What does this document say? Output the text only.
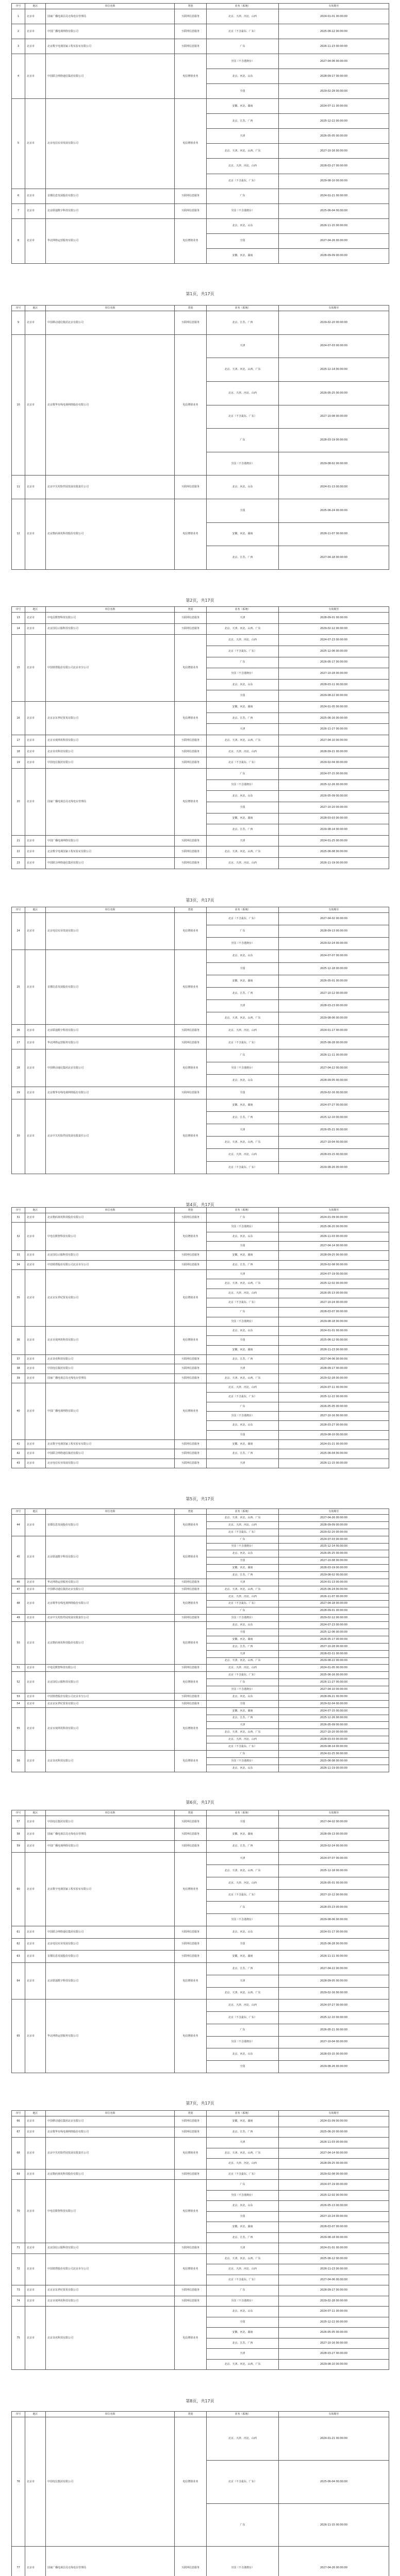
序号	地区	单位名称	类别	业务（系统）	有效期至
1	北京市	国家广播电视总局无线电台管理局	互联网信息服务	北京、天津、河北、山西	2024-01-01 00:00:00
2	北京市	中国广播电视网络有限公司	互联网信息服务	北京（不含最东、广东）	2025-06-12 00:00:00
3	北京市	北京数字电视国家工程实验室有限公司	互联网信息服务	广东	2026-11-23 00:00:00
4	北京市	中国联合网络通信集团有限公司	电信增值业务	全国（不含港澳台）	2027-04-06 00:00:00
				北京、河北、山东	2028-09-17 00:00:00
				全国	2029-02-28 00:00:00
5	北京市	北京电信实业发展有限公司	电信增值业务	安徽、河北、湖南	2024-07-11 00:00:00
				北京、江苏、广西	2025-12-22 00:00:00
				天津	2026-05-05 00:00:00
				北京、天津、河北、山西、广东	2027-10-16 00:00:00
				北京、天津、河北、山西	2028-03-27 00:00:00
				北京（不含最东、广东）	2029-08-10 00:00:00
6	北京市	首都信息发展股份有限公司	互联网信息服务	广东	2024-01-21 00:00:00
7	北京市	北京联通数字科技有限公司	互联网信息服务	全国（不含港澳台）	2025-06-04 00:00:00
8	北京市	华北网络运营服务有限公司	电信增值业务	北京、河北、山东	2026-11-15 00:00:00
				全国	2027-04-26 00:00:00
				安徽、河北、湖南	2028-09-09 00:00:00
第1页，共17页
序号	地区	单位名称	类别	业务（系统）	有效期至
9	北京市	中国移动通信集团北京有限公司	互联网信息服务	北京、江苏、广西	2029-02-20 00:00:00
10	北京市	北京歌华有线电视网络股份有限公司	电信增值业务	天津	2024-07-03 00:00:00
				北京、天津、河北、山西、广东	2025-12-14 00:00:00
				北京、天津、河北、山西	2026-05-25 00:00:00
				北京（不含最东、广东）	2027-10-08 00:00:00
				广东	2028-03-19 00:00:00
				全国（不含港澳台）	2029-08-02 00:00:00
11	北京市	北京中关村软件园发展有限责任公司	互联网信息服务	北京、河北、山东	2024-01-13 00:00:00
12	北京市	北京数码视讯科技股份有限公司	电信增值业务	全国	2025-06-24 00:00:00
				安徽、河北、湖南	2026-11-07 00:00:00
				北京、江苏、广西	2027-04-18 00:00:00
第2页，共17页
序号	地区	单位名称	类别	业务（系统）	有效期至
13	北京市	中电信数智科技有限公司	互联网信息服务	天津	2028-09-01 00:00:00
14	北京市	北京国信云服科技有限公司	互联网信息服务	北京、天津、河北、山西、广东	2029-02-12 00:00:00
15	北京市	中国铁塔股份有限公司北京市分公司	电信增值业务	北京、天津、河北、山西	2024-07-23 00:00:00
				北京（不含最东、广东）	2025-12-06 00:00:00
				广东	2026-05-17 00:00:00
				全国（不含港澳台）	2027-10-28 00:00:00
				北京、河北、山东	2028-03-11 00:00:00
				全国	2029-08-22 00:00:00
16	北京市	北京京东世纪贸易有限公司	电信增值业务	安徽、河北、湖南	2024-01-05 00:00:00
				北京、江苏、广西	2025-06-16 00:00:00
				天津	2026-11-27 00:00:00
17	北京市	北京百度网讯科技有限公司	互联网信息服务	北京、天津、河北、山西、广东	2027-04-10 00:00:00
18	北京市	北京奇虎科技有限公司	互联网信息服务	北京、天津、河北、山西	2028-09-21 00:00:00
19	北京市	中国电信集团有限公司	互联网信息服务	北京（不含最东、广东）	2029-02-04 00:00:00
20	北京市	国家广播电视总局无线电台管理局	电信增值业务	广东	2024-07-15 00:00:00
				全国（不含港澳台）	2025-12-26 00:00:00
				北京、河北、山东	2026-05-09 00:00:00
				全国	2027-10-20 00:00:00
				安徽、河北、湖南	2028-03-03 00:00:00
				北京、江苏、广西	2029-08-14 00:00:00
21	北京市	中国广播电视网络有限公司	互联网信息服务	天津	2024-01-25 00:00:00
22	北京市	北京数字电视国家工程实验室有限公司	互联网信息服务	北京、天津、河北、山西、广东	2025-06-08 00:00:00
23	北京市	中国联合网络通信集团有限公司	互联网信息服务	北京、天津、河北、山西	2026-11-19 00:00:00
第3页，共17页
序号	地区	单位名称	类别	业务（系统）	有效期至
24	北京市	北京电信实业发展有限公司	电信增值业务	北京（不含最东、广东）	2027-04-02 00:00:00
				广东	2028-09-13 00:00:00
				全国（不含港澳台）	2029-02-24 00:00:00
25	北京市	首都信息发展股份有限公司	电信增值业务	北京、河北、山东	2024-07-07 00:00:00
				全国	2025-12-18 00:00:00
				安徽、河北、湖南	2026-05-01 00:00:00
				北京、江苏、广西	2027-10-12 00:00:00
				天津	2028-03-23 00:00:00
				北京、天津、河北、山西、广东	2029-08-06 00:00:00
26	北京市	北京联通数字科技有限公司	互联网信息服务	北京、天津、河北、山西	2024-01-17 00:00:00
27	北京市	华北网络运营服务有限公司	互联网信息服务	北京（不含最东、广东）	2025-06-28 00:00:00
28	北京市	中国移动通信集团北京有限公司	电信增值业务	广东	2026-11-11 00:00:00
				全国（不含港澳台）	2027-04-22 00:00:00
				北京、河北、山东	2028-09-05 00:00:00
29	北京市	北京歌华有线电视网络股份有限公司	互联网信息服务	全国	2029-02-16 00:00:00
30	北京市	北京中关村软件园发展有限责任公司	电信增值业务	安徽、河北、湖南	2024-07-27 00:00:00
				北京、江苏、广西	2025-12-10 00:00:00
				天津	2026-05-21 00:00:00
				北京、天津、河北、山西、广东	2027-10-04 00:00:00
				北京、天津、河北、山西	2028-03-15 00:00:00
				北京（不含最东、广东）	2029-08-26 00:00:00
第4页，共17页
序号	地区	单位名称	类别	业务（系统）	有效期至
31	北京市	北京数码视讯科技股份有限公司	互联网信息服务	广东	2024-01-09 00:00:00
32	北京市	中电信数智科技有限公司	电信增值业务	全国（不含港澳台）	2025-06-20 00:00:00
				北京、河北、山东	2026-11-03 00:00:00
				全国	2027-04-14 00:00:00
33	北京市	北京国信云服科技有限公司	互联网信息服务	安徽、河北、湖南	2028-09-25 00:00:00
34	北京市	中国铁塔股份有限公司北京市分公司	互联网信息服务	北京、江苏、广西	2029-02-08 00:00:00
35	北京市	北京京东世纪贸易有限公司	电信增值业务	天津	2024-07-19 00:00:00
				北京、天津、河北、山西、广东	2025-12-02 00:00:00
				北京、天津、河北、山西	2026-05-13 00:00:00
				北京（不含最东、广东）	2027-10-24 00:00:00
				广东	2028-03-07 00:00:00
				全国（不含港澳台）	2029-08-18 00:00:00
36	北京市	北京百度网讯科技有限公司	电信增值业务	北京、河北、山东	2024-01-01 00:00:00
				全国	2025-06-12 00:00:00
				安徽、河北、湖南	2026-11-23 00:00:00
37	北京市	北京奇虎科技有限公司	互联网信息服务	北京、江苏、广西	2027-04-06 00:00:00
38	北京市	中国电信集团有限公司	互联网信息服务	天津	2028-09-17 00:00:00
39	北京市	国家广播电视总局无线电台管理局	互联网信息服务	北京、天津、河北、山西、广东	2029-02-28 00:00:00
40	北京市	中国广播电视网络有限公司	电信增值业务	北京、天津、河北、山西	2024-07-11 00:00:00
				北京（不含最东、广东）	2025-12-22 00:00:00
				广东	2026-05-05 00:00:00
				全国（不含港澳台）	2027-10-16 00:00:00
				北京、河北、山东	2028-03-27 00:00:00
				全国	2029-08-10 00:00:00
41	北京市	北京数字电视国家工程实验室有限公司	互联网信息服务	安徽、河北、湖南	2024-01-21 00:00:00
42	北京市	中国联合网络通信集团有限公司	互联网信息服务	北京、江苏、广西	2025-06-04 00:00:00
43	北京市	北京电信实业发展有限公司	互联网信息服务	天津	2026-11-15 00:00:00
第5页，共17页
序号	地区	单位名称	类别	业务（系统）	有效期至
44	北京市	首都信息发展股份有限公司	电信增值业务	北京、天津、河北、山西、广东	2027-04-26 00:00:00
				北京、天津、河北、山西	2028-09-09 00:00:00
				北京（不含最东、广东）	2029-02-20 00:00:00
45	北京市	北京联通数字科技有限公司	电信增值业务	广东	2024-07-03 00:00:00
				全国（不含港澳台）	2025-12-14 00:00:00
				北京、河北、山东	2026-05-25 00:00:00
				全国	2027-10-08 00:00:00
				安徽、河北、湖南	2028-03-19 00:00:00
				北京、江苏、广西	2029-08-02 00:00:00
46	北京市	华北网络运营服务有限公司	互联网信息服务	天津	2024-01-13 00:00:00
47	北京市	中国移动通信集团北京有限公司	互联网信息服务	北京、天津、河北、山西、广东	2025-06-24 00:00:00
48	北京市	北京歌华有线电视网络股份有限公司	电信增值业务	北京、天津、河北、山西	2026-11-07 00:00:00
				北京（不含最东、广东）	2027-04-18 00:00:00
				广东	2028-09-01 00:00:00
49	北京市	北京中关村软件园发展有限责任公司	互联网信息服务	全国（不含港澳台）	2029-02-12 00:00:00
50	北京市	北京数码视讯科技股份有限公司	电信增值业务	北京、河北、山东	2024-07-23 00:00:00
				全国	2025-12-06 00:00:00
				安徽、河北、湖南	2026-05-17 00:00:00
				北京、江苏、广西	2027-10-28 00:00:00
				天津	2028-03-11 00:00:00
				北京、天津、河北、山西、广东	2029-08-22 00:00:00
51	北京市	中电信数智科技有限公司	互联网信息服务	北京、天津、河北、山西	2024-01-05 00:00:00
52	北京市	北京国信云服科技有限公司	电信增值业务	北京（不含最东、广东）	2025-06-16 00:00:00
				广东	2026-11-27 00:00:00
				全国（不含港澳台）	2027-04-10 00:00:00
53	北京市	中国铁塔股份有限公司北京市分公司	互联网信息服务	北京、河北、山东	2028-09-21 00:00:00
54	北京市	北京京东世纪贸易有限公司	互联网信息服务	全国	2029-02-04 00:00:00
55	北京市	北京百度网讯科技有限公司	电信增值业务	安徽、河北、湖南	2024-07-15 00:00:00
				北京、江苏、广西	2025-12-26 00:00:00
				天津	2026-05-09 00:00:00
				北京、天津、河北、山西、广东	2027-10-20 00:00:00
				北京、天津、河北、山西	2028-03-03 00:00:00
				北京（不含最东、广东）	2029-08-14 00:00:00
56	北京市	北京奇虎科技有限公司	电信增值业务	广东	2024-01-25 00:00:00
				全国（不含港澳台）	2025-06-08 00:00:00
				北京、河北、山东	2026-11-19 00:00:00
第6页，共17页
序号	地区	单位名称	类别	业务（系统）	有效期至
57	北京市	中国电信集团有限公司	互联网信息服务	全国	2027-04-02 00:00:00
58	北京市	国家广播电视总局无线电台管理局	互联网信息服务	安徽、河北、湖南	2028-09-13 00:00:00
59	北京市	中国广播电视网络有限公司	互联网信息服务	北京、江苏、广西	2029-02-24 00:00:00
60	北京市	北京数字电视国家工程实验室有限公司	电信增值业务	天津	2024-07-07 00:00:00
				北京、天津、河北、山西、广东	2025-12-18 00:00:00
				北京、天津、河北、山西	2026-05-01 00:00:00
				北京（不含最东、广东）	2027-10-12 00:00:00
				广东	2028-03-23 00:00:00
				全国（不含港澳台）	2029-08-06 00:00:00
61	北京市	中国联合网络通信集团有限公司	互联网信息服务	北京、河北、山东	2024-01-17 00:00:00
62	北京市	北京电信实业发展有限公司	互联网信息服务	全国	2025-06-28 00:00:00
63	北京市	首都信息发展股份有限公司	互联网信息服务	安徽、河北、湖南	2026-11-11 00:00:00
64	北京市	北京联通数字科技有限公司	电信增值业务	北京、江苏、广西	2027-04-22 00:00:00
				天津	2028-09-05 00:00:00
				北京、天津、河北、山西、广东	2029-02-16 00:00:00
65	北京市	华北网络运营服务有限公司	电信增值业务	北京、天津、河北、山西	2024-07-27 00:00:00
				北京（不含最东、广东）	2025-12-10 00:00:00
				广东	2026-05-21 00:00:00
				全国（不含港澳台）	2027-10-04 00:00:00
				北京、河北、山东	2028-03-15 00:00:00
				全国	2029-08-26 00:00:00
第7页，共17页
序号	地区	单位名称	类别	业务（系统）	有效期至
66	北京市	中国移动通信集团北京有限公司	互联网信息服务	安徽、河北、湖南	2024-01-09 00:00:00
67	北京市	北京歌华有线电视网络股份有限公司	互联网信息服务	北京、江苏、广西	2025-06-20 00:00:00
68	北京市	北京中关村软件园发展有限责任公司	电信增值业务	天津	2026-11-03 00:00:00
				北京、天津、河北、山西、广东	2027-04-14 00:00:00
				北京、天津、河北、山西	2028-09-25 00:00:00
69	北京市	北京数码视讯科技股份有限公司	互联网信息服务	北京（不含最东、广东）	2029-02-08 00:00:00
70	北京市	中电信数智科技有限公司	电信增值业务	广东	2024-07-19 00:00:00
				全国（不含港澳台）	2025-12-02 00:00:00
				北京、河北、山东	2026-05-13 00:00:00
				全国	2027-10-24 00:00:00
				安徽、河北、湖南	2028-03-07 00:00:00
				北京、江苏、广西	2029-08-18 00:00:00
71	北京市	北京国信云服科技有限公司	互联网信息服务	天津	2024-01-01 00:00:00
72	北京市	中国铁塔股份有限公司北京市分公司	电信增值业务	北京、天津、河北、山西、广东	2025-06-12 00:00:00
				北京、天津、河北、山西	2026-11-23 00:00:00
				北京（不含最东、广东）	2027-04-06 00:00:00
73	北京市	北京京东世纪贸易有限公司	互联网信息服务	广东	2028-09-17 00:00:00
74	北京市	北京百度网讯科技有限公司	互联网信息服务	全国（不含港澳台）	2029-02-28 00:00:00
75	北京市	北京奇虎科技有限公司	电信增值业务	北京、河北、山东	2024-07-11 00:00:00
				全国	2025-12-22 00:00:00
				安徽、河北、湖南	2026-05-05 00:00:00
				北京、江苏、广西	2027-10-16 00:00:00
				天津	2028-03-27 00:00:00
				北京、天津、河北、山西、广东	2029-08-10 00:00:00
第8页，共17页
序号	地区	单位名称	类别	业务（系统）	有效期至
76	北京市	中国电信集团有限公司	电信增值业务	北京、天津、河北、山西	2024-01-21 00:00:00
				北京（不含最东、广东）	2025-06-04 00:00:00
				广东	2026-11-15 00:00:00
77	北京市	国家广播电视总局无线电台管理局	互联网信息服务	全国（不含港澳台）	2027-04-26 00:00:00
